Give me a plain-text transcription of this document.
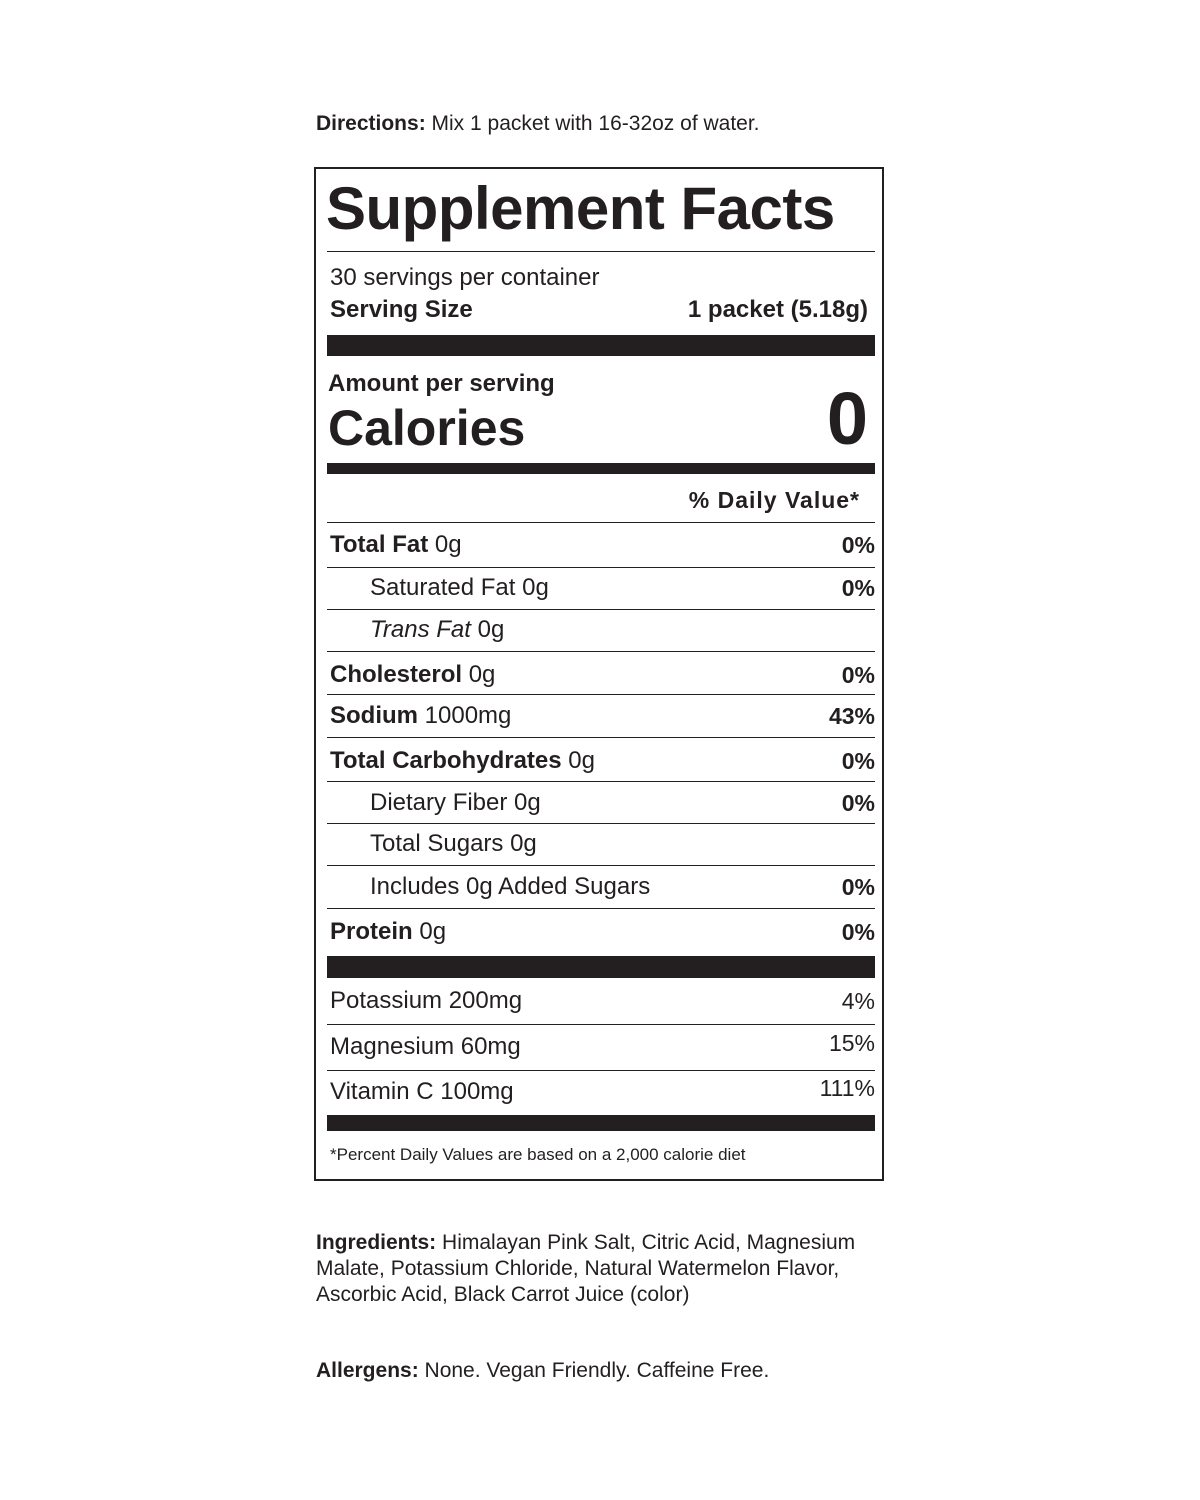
Directions: Mix 1 packet with 16-32oz of water.
Supplement Facts
30 servings per container
Serving Size	1 packet (5.18g)
Amount per serving
Calories	0
% Daily Value*
Total Fat 0g	0%
Saturated Fat 0g	0%
Trans Fat 0g
Cholesterol 0g	0%
Sodium 1000mg	43%
Total Carbohydrates 0g	0%
Dietary Fiber 0g	0%
Total Sugars 0g
Includes 0g Added Sugars	0%
Protein 0g	0%
Potassium 200mg	4%
Magnesium 60mg	15%
Vitamin C 100mg	111%
*Percent Daily Values are based on a 2,000 calorie diet
Ingredients: Himalayan Pink Salt, Citric Acid, Magnesium Malate, Potassium Chloride, Natural Watermelon Flavor, Ascorbic Acid, Black Carrot Juice (color)
Allergens: None. Vegan Friendly. Caffeine Free.
